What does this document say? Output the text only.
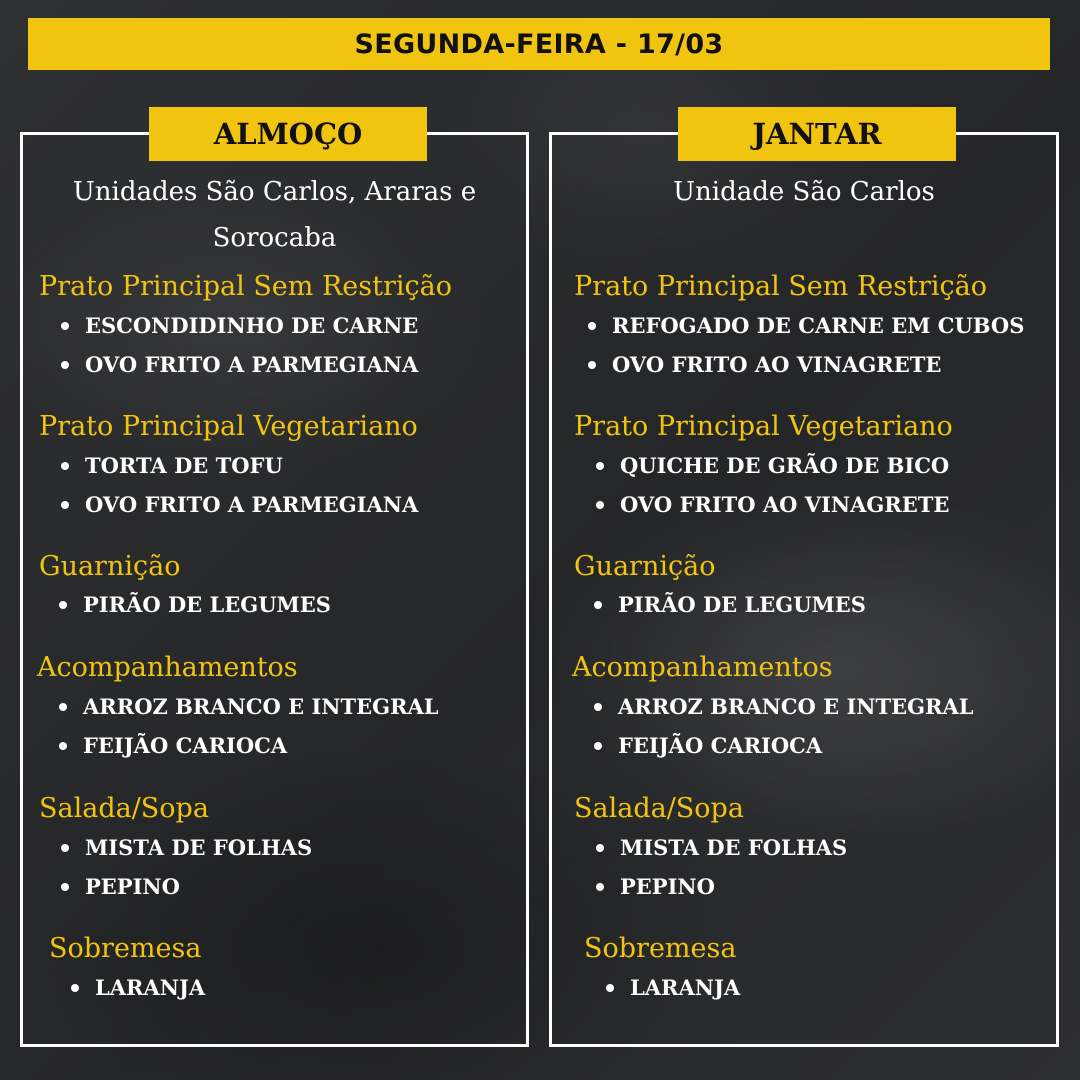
SEGUNDA-FEIRA - 17/03
ALMOÇO
Unidades São Carlos, Araras e Sorocaba
Prato Principal Sem Restrição
ESCONDIDINHO DE CARNE
OVO FRITO A PARMEGIANA
Prato Principal Vegetariano
TORTA DE TOFU
OVO FRITO A PARMEGIANA
Guarnição
PIRÃO DE LEGUMES
Acompanhamentos
ARROZ BRANCO E INTEGRAL
FEIJÃO CARIOCA
Salada/Sopa
MISTA DE FOLHAS
PEPINO
Sobremesa
LARANJA
JANTAR
Unidade São Carlos
Prato Principal Sem Restrição
REFOGADO DE CARNE EM CUBOS
OVO FRITO AO VINAGRETE
Prato Principal Vegetariano
QUICHE DE GRÃO DE BICO
OVO FRITO AO VINAGRETE
Guarnição
PIRÃO DE LEGUMES
Acompanhamentos
ARROZ BRANCO E INTEGRAL
FEIJÃO CARIOCA
Salada/Sopa
MISTA DE FOLHAS
PEPINO
Sobremesa
LARANJA
